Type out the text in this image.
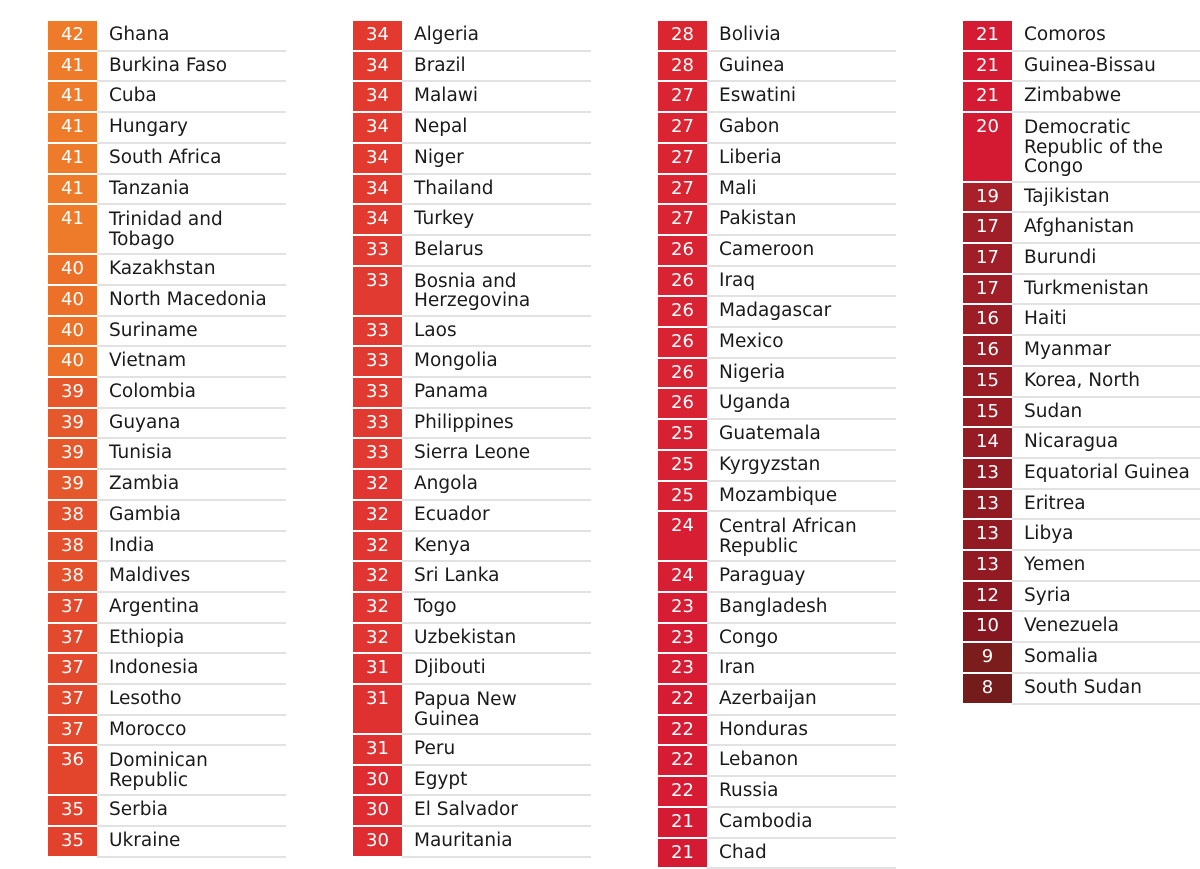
42	Ghana
41	Burkina Faso
41	Cuba
41	Hungary
41	South Africa
41	Tanzania
41	Trinidad and
Tobago
40	Kazakhstan
40	North Macedonia
40	Suriname
40	Vietnam
39	Colombia
39	Guyana
39	Tunisia
39	Zambia
38	Gambia
38	India
38	Maldives
37	Argentina
37	Ethiopia
37	Indonesia
37	Lesotho
37	Morocco
36	Dominican
Republic
35	Serbia
35	Ukraine
34	Algeria
34	Brazil
34	Malawi
34	Nepal
34	Niger
34	Thailand
34	Turkey
33	Belarus
33	Bosnia and
Herzegovina
33	Laos
33	Mongolia
33	Panama
33	Philippines
33	Sierra Leone
32	Angola
32	Ecuador
32	Kenya
32	Sri Lanka
32	Togo
32	Uzbekistan
31	Djibouti
31	Papua New
Guinea
31	Peru
30	Egypt
30	El Salvador
30	Mauritania
28	Bolivia
28	Guinea
27	Eswatini
27	Gabon
27	Liberia
27	Mali
27	Pakistan
26	Cameroon
26	Iraq
26	Madagascar
26	Mexico
26	Nigeria
26	Uganda
25	Guatemala
25	Kyrgyzstan
25	Mozambique
24	Central African
Republic
24	Paraguay
23	Bangladesh
23	Congo
23	Iran
22	Azerbaijan
22	Honduras
22	Lebanon
22	Russia
21	Cambodia
21	Chad
21	Comoros
21	Guinea-Bissau
21	Zimbabwe
20	Democratic
Republic of the
Congo
19	Tajikistan
17	Afghanistan
17	Burundi
17	Turkmenistan
16	Haiti
16	Myanmar
15	Korea, North
15	Sudan
14	Nicaragua
13	Equatorial Guinea
13	Eritrea
13	Libya
13	Yemen
12	Syria
10	Venezuela
9	Somalia
8	South Sudan
